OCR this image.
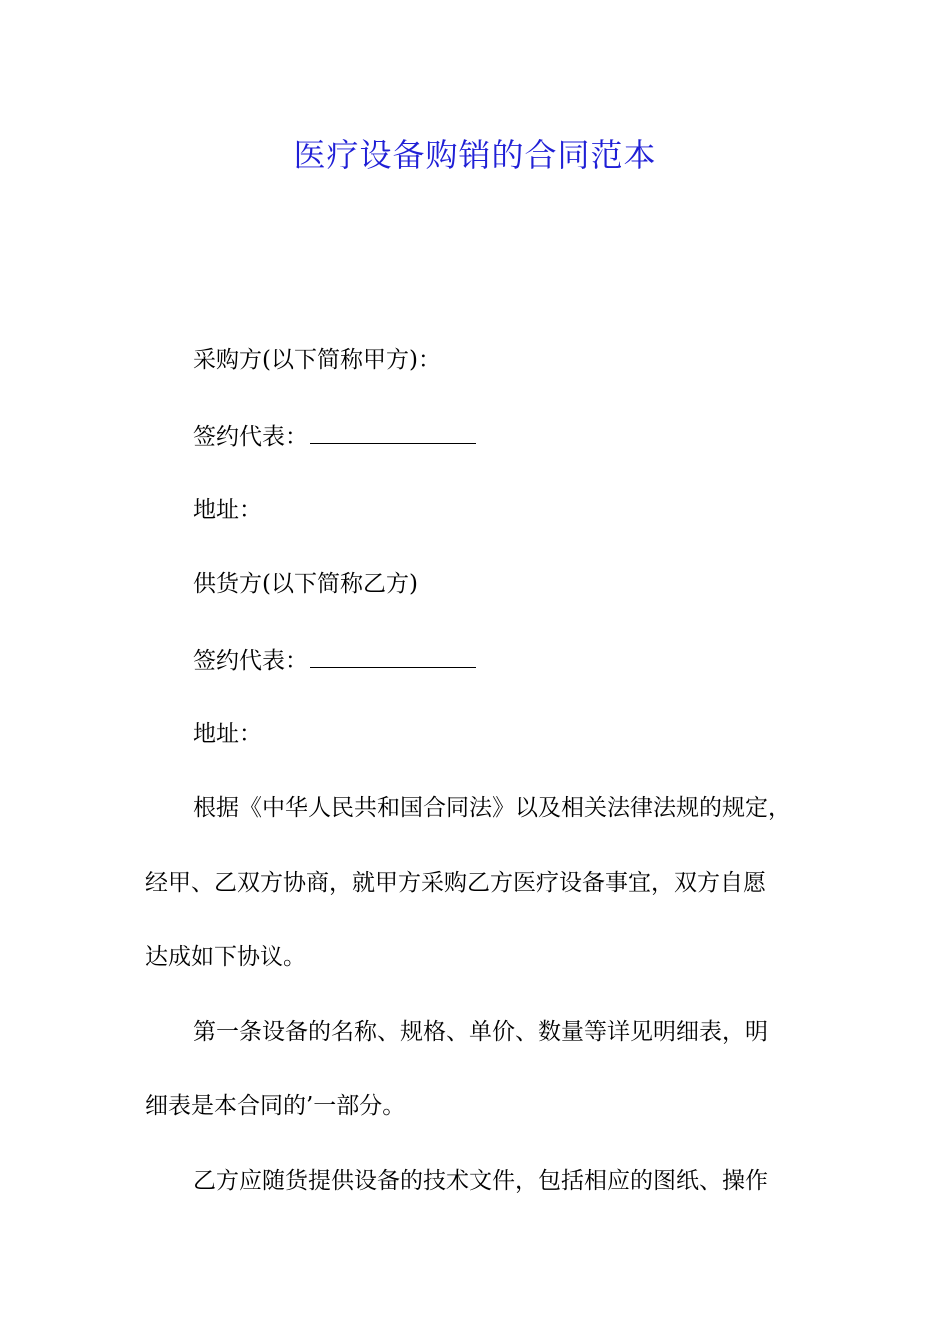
医疗设备购销的合同范本
采购方(以下简称甲方)：
签约代表：
地址：
供货方(以下简称乙方)
签约代表：
地址：
根据《中华人民共和国合同法》以及相关法律法规的规定，
经甲、乙双方协商，就甲方采购乙方医疗设备事宜，双方自愿
达成如下协议。
第一条设备的名称、规格、单价、数量等详见明细表，明
细表是本合同的’一部分。
乙方应随货提供设备的技术文件，包括相应的图纸、操作
